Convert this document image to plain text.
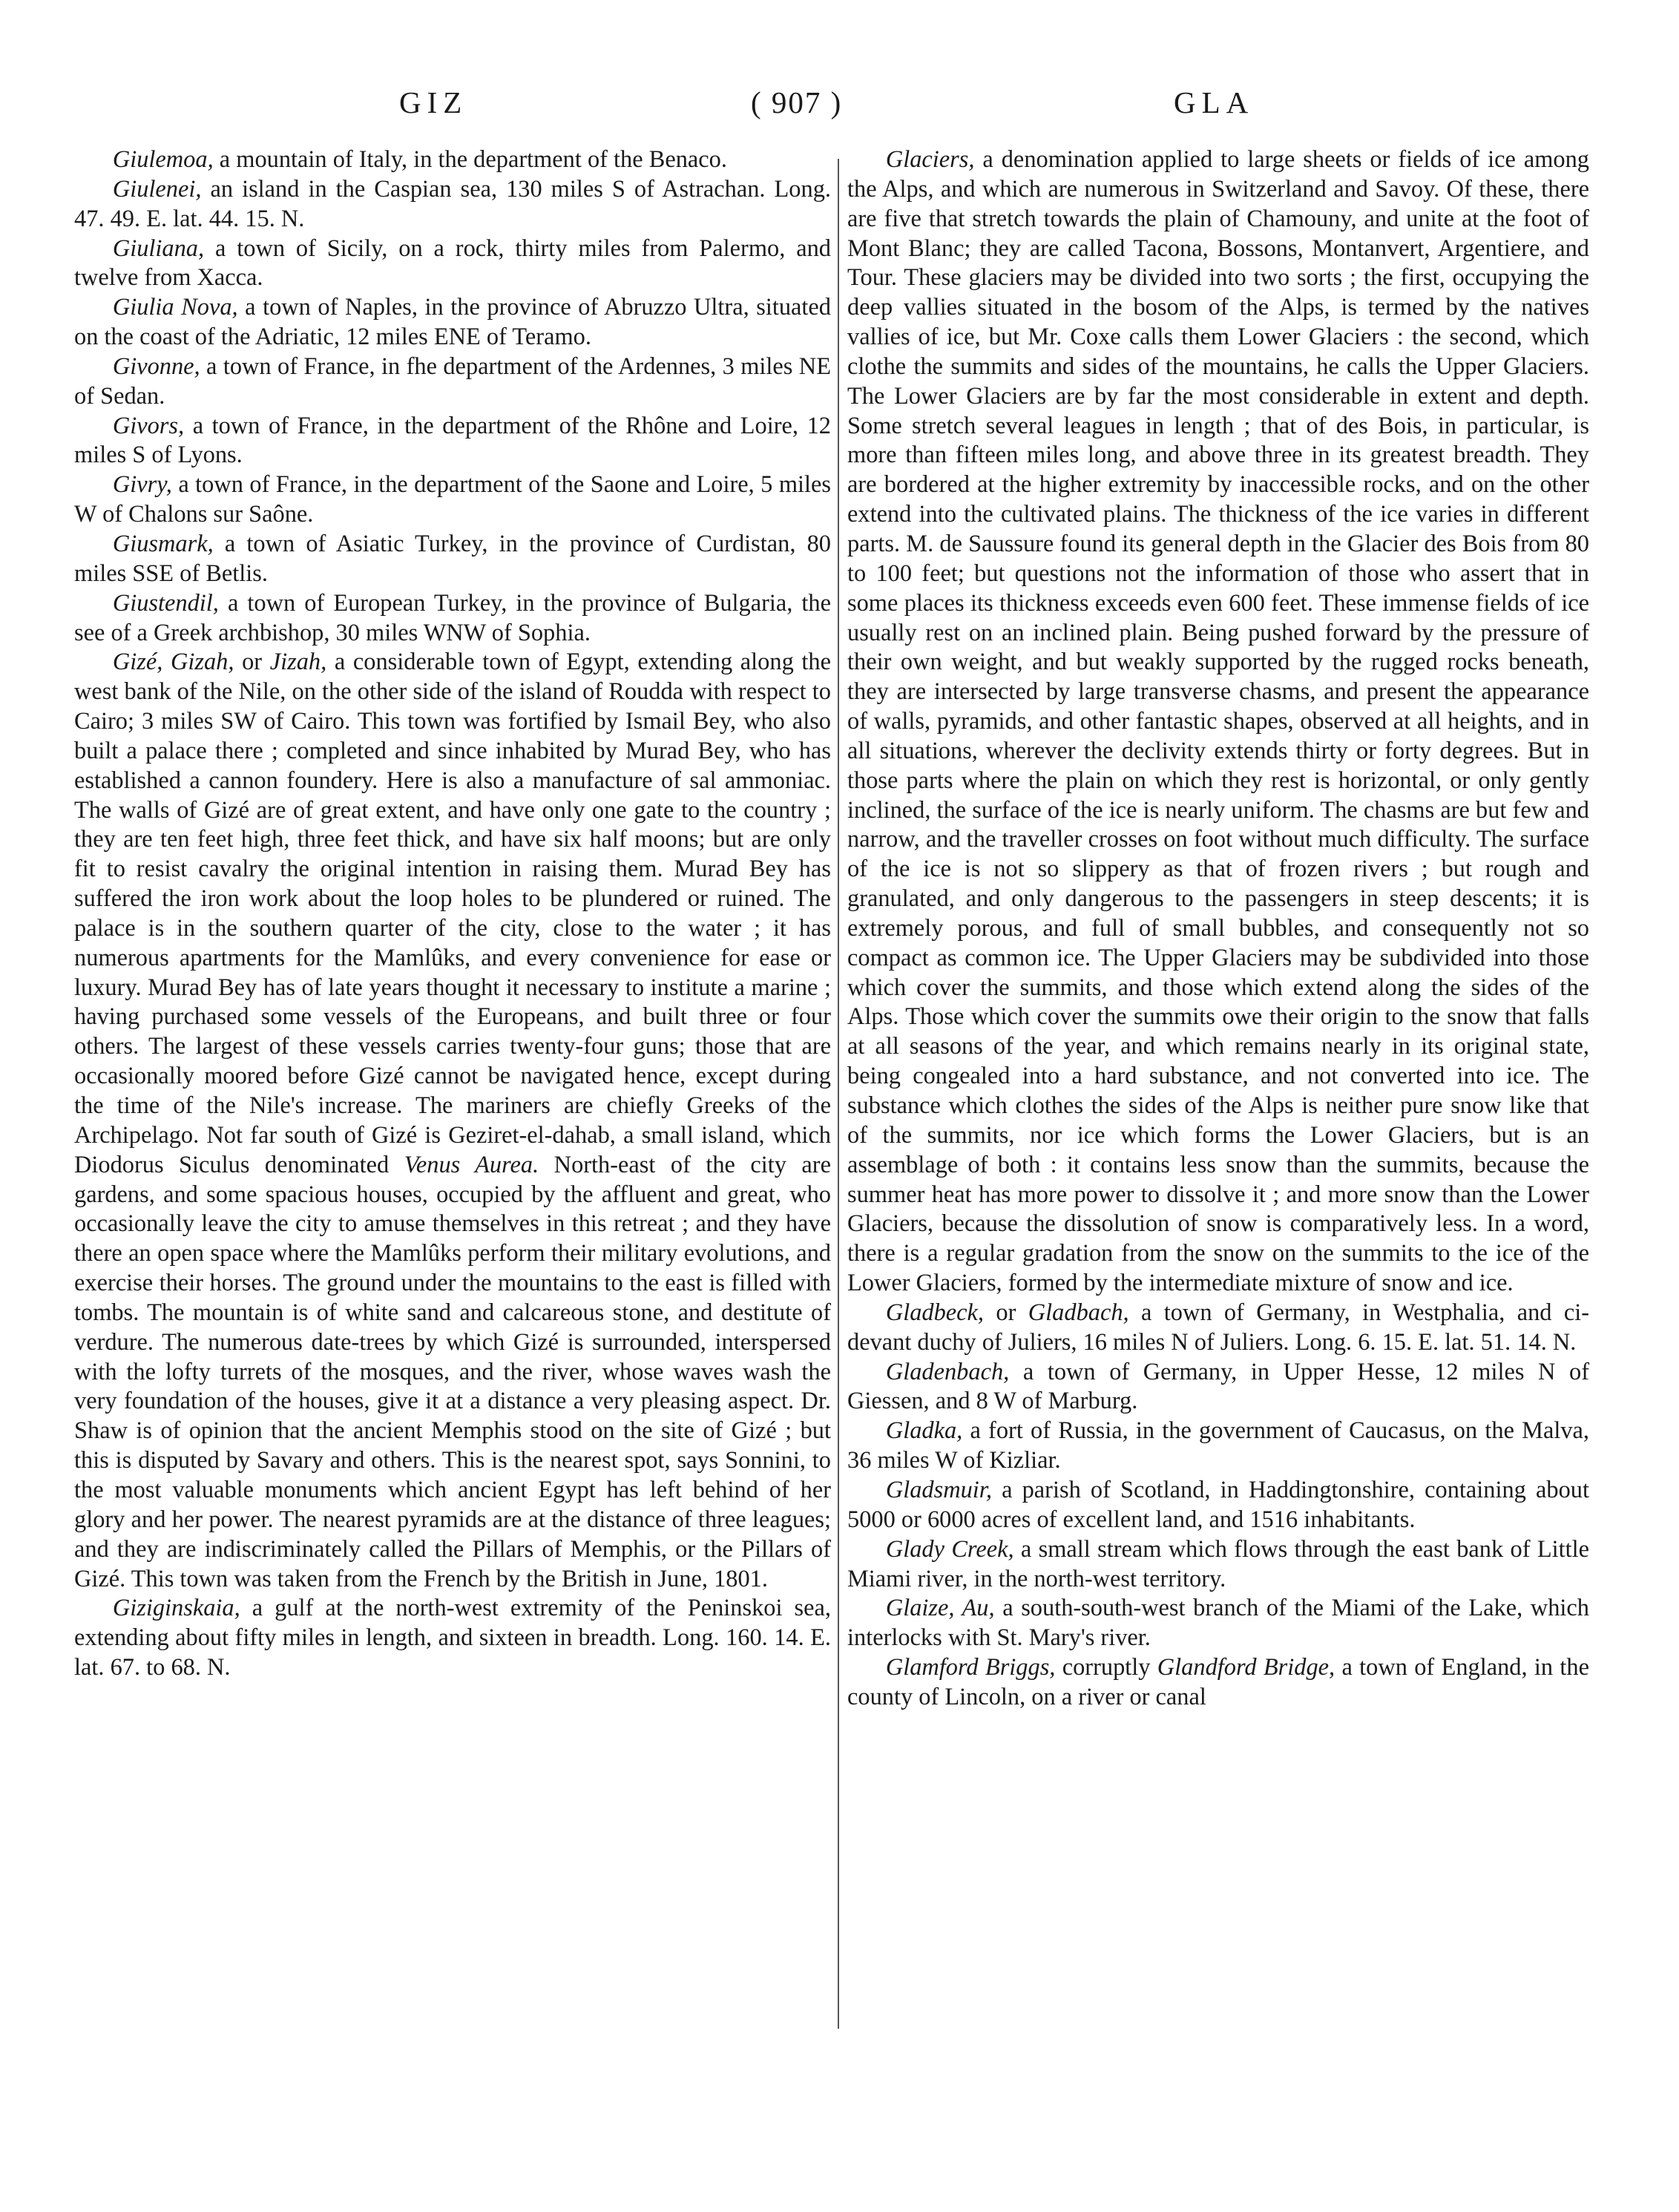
GIZ	( 907 )	GLA

Giulemoa, a mountain of Italy, in the department of the Benaco.

Giulenei, an island in the Caspian sea, 130 miles S of Astrachan. Long. 47. 49. E. lat. 44. 15. N.

Giuliana, a town of Sicily, on a rock, thirty miles from Palermo, and twelve from Xacca.

Giulia Nova, a town of Naples, in the province of Abruzzo Ultra, situated on the coast of the Adriatic, 12 miles ENE of Teramo.

Givonne, a town of France, in fhe department of the Ardennes, 3 miles NE of Sedan.

Givors, a town of France, in the department of the Rhône and Loire, 12 miles S of Lyons.

Givry, a town of France, in the department of the Saone and Loire, 5 miles W of Chalons sur Saône.

Giusmark, a town of Asiatic Turkey, in the province of Curdistan, 80 miles SSE of Betlis.

Giustendil, a town of European Turkey, in the province of Bulgaria, the see of a Greek archbishop, 30 miles WNW of Sophia.

Gizé, Gizah, or Jizah, a considerable town of Egypt, extending along the west bank of the Nile, on the other side of the island of Roudda with respect to Cairo; 3 miles SW of Cairo. This town was fortified by Ismail Bey, who also built a palace there ; completed and since inhabited by Murad Bey, who has established a cannon foundery. Here is also a manufacture of sal ammoniac. The walls of Gizé are of great extent, and have only one gate to the country ; they are ten feet high, three feet thick, and have six half moons; but are only fit to resist cavalry the original intention in raising them. Murad Bey has suffered the iron work about the loop holes to be plundered or ruined. The palace is in the southern quarter of the city, close to the water ; it has numerous apartments for the Mamlûks, and every convenience for ease or luxury. Murad Bey has of late years thought it necessary to institute a marine ; having purchased some vessels of the Europeans, and built three or four others. The largest of these vessels carries twenty-four guns; those that are occasionally moored before Gizé cannot be navigated hence, except during the time of the Nile's increase. The mariners are chiefly Greeks of the Archipelago. Not far south of Gizé is Geziret-el-dahab, a small island, which Diodorus Siculus denominated Venus Aurea. North-east of the city are gardens, and some spacious houses, occupied by the affluent and great, who occasionally leave the city to amuse themselves in this retreat ; and they have there an open space where the Mamlûks perform their military evolutions, and exercise their horses. The ground under the mountains to the east is filled with tombs. The mountain is of white sand and calcareous stone, and destitute of verdure. The numerous date-trees by which Gizé is surrounded, interspersed with the lofty turrets of the mosques, and the river, whose waves wash the very foundation of the houses, give it at a distance a very pleasing aspect. Dr. Shaw is of opinion that the ancient Memphis stood on the site of Gizé ; but this is disputed by Savary and others. This is the nearest spot, says Sonnini, to the most valuable monuments which ancient Egypt has left behind of her glory and her power. The nearest pyramids are at the distance of three leagues; and they are indiscriminately called the Pillars of Memphis, or the Pillars of Gizé. This town was taken from the French by the British in June, 1801.

Giziginskaia, a gulf at the north-west extremity of the Peninskoi sea, extending about fifty miles in length, and sixteen in breadth. Long. 160. 14. E. lat. 67. to 68. N.

Glaciers, a denomination applied to large sheets or fields of ice among the Alps, and which are numerous in Switzerland and Savoy. Of these, there are five that stretch towards the plain of Chamouny, and unite at the foot of Mont Blanc; they are called Tacona, Bossons, Montanvert, Argentiere, and Tour. These glaciers may be divided into two sorts ; the first, occupying the deep vallies situated in the bosom of the Alps, is termed by the natives vallies of ice, but Mr. Coxe calls them Lower Glaciers : the second, which clothe the summits and sides of the mountains, he calls the Upper Glaciers. The Lower Glaciers are by far the most considerable in extent and depth. Some stretch several leagues in length ; that of des Bois, in particular, is more than fifteen miles long, and above three in its greatest breadth. They are bordered at the higher extremity by inaccessible rocks, and on the other extend into the cultivated plains. The thickness of the ice varies in different parts. M. de Saussure found its general depth in the Glacier des Bois from 80 to 100 feet; but questions not the information of those who assert that in some places its thickness exceeds even 600 feet. These immense fields of ice usually rest on an inclined plain. Being pushed forward by the pressure of their own weight, and but weakly supported by the rugged rocks beneath, they are intersected by large transverse chasms, and present the appearance of walls, pyramids, and other fantastic shapes, observed at all heights, and in all situations, wherever the declivity extends thirty or forty degrees. But in those parts where the plain on which they rest is horizontal, or only gently inclined, the surface of the ice is nearly uniform. The chasms are but few and narrow, and the traveller crosses on foot without much difficulty. The surface of the ice is not so slippery as that of frozen rivers ; but rough and granulated, and only dangerous to the passengers in steep descents; it is extremely porous, and full of small bubbles, and consequently not so compact as common ice. The Upper Glaciers may be subdivided into those which cover the summits, and those which extend along the sides of the Alps. Those which cover the summits owe their origin to the snow that falls at all seasons of the year, and which remains nearly in its original state, being congealed into a hard substance, and not converted into ice. The substance which clothes the sides of the Alps is neither pure snow like that of the summits, nor ice which forms the Lower Glaciers, but is an assemblage of both : it contains less snow than the summits, because the summer heat has more power to dissolve it ; and more snow than the Lower Glaciers, because the dissolution of snow is comparatively less. In a word, there is a regular gradation from the snow on the summits to the ice of the Lower Glaciers, formed by the intermediate mixture of snow and ice.

Gladbeck, or Gladbach, a town of Germany, in Westphalia, and ci-devant duchy of Juliers, 16 miles N of Juliers. Long. 6. 15. E. lat. 51. 14. N.

Gladenbach, a town of Germany, in Upper Hesse, 12 miles N of Giessen, and 8 W of Marburg.

Gladka, a fort of Russia, in the government of Caucasus, on the Malva, 36 miles W of Kizliar.

Gladsmuir, a parish of Scotland, in Haddingtonshire, containing about 5000 or 6000 acres of excellent land, and 1516 inhabitants.

Glady Creek, a small stream which flows through the east bank of Little Miami river, in the north-west territory.

Glaize, Au, a south-south-west branch of the Miami of the Lake, which interlocks with St. Mary's river.

Glamford Briggs, corruptly Glandford Bridge, a town of England, in the county of Lincoln, on a river or canal
